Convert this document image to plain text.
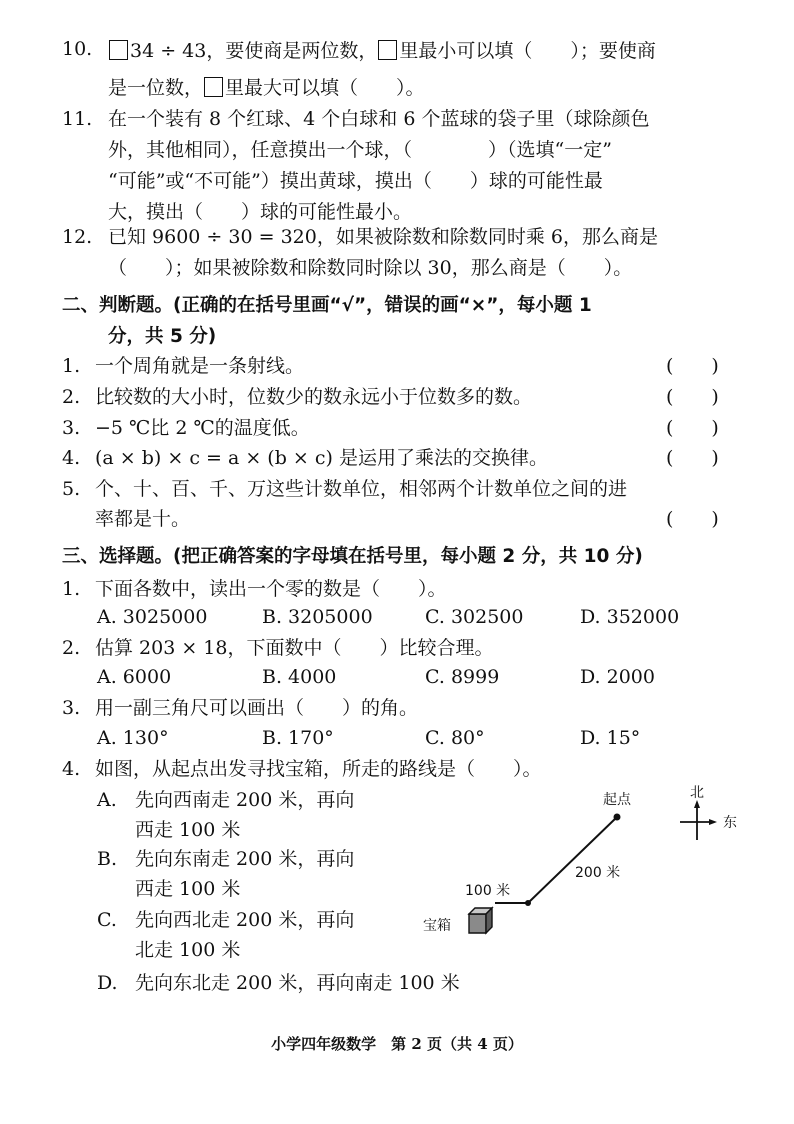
10.	34 ÷ 43，要使商是两位数， 里最小可以填（　　）；要使商
是一位数， 里最大可以填（　　）。
11. 在一个装有 8 个红球、4 个白球和 6 个蓝球的袋子里（球除颜色
外，其他相同），任意摸出一个球，（　　　　）（选填“一定”
“可能”或“不可能”）摸出黄球，摸出（　　）球的可能性最
大，摸出（　　）球的可能性最小。
12. 已知 9600 ÷ 30 = 320，如果被除数和除数同时乘 6，那么商是
（　　）；如果被除数和除数同时除以 30，那么商是（　　）。
二、判断题。(正确的在括号里画“√”，错误的画“×”，每小题 1
分，共 5 分)
1. 一个周角就是一条射线。	(　　)
2. 比较数的大小时，位数少的数永远小于位数多的数。	(　　)
3. −5 ℃比 2 ℃的温度低。	(　　)
4. (a × b) × c = a × (b × c) 是运用了乘法的交换律。	(　　)
5. 个、十、百、千、万这些计数单位，相邻两个计数单位之间的进
率都是十。	(　　)
三、选择题。(把正确答案的字母填在括号里，每小题 2 分，共 10 分)
1. 下面各数中，读出一个零的数是（　　）。
A. 3025000	B. 3205000	C. 302500	D. 352000
2. 估算 203 × 18，下面数中（　　）比较合理。
A. 6000	B. 4000	C. 8999	D. 2000
3. 用一副三角尺可以画出（　　）的角。
A. 130°	B. 170°	C. 80°	D. 15°
4. 如图，从起点出发寻找宝箱，所走的路线是（　　）。
A. 先向西南走 200 米，再向
西走 100 米
B. 先向东南走 200 米，再向
西走 100 米
C. 先向西北走 200 米，再向
北走 100 米
D. 先向东北走 200 米，再向南走 100 米
起点
200 米
100 米
宝箱
北
东
小学四年级数学　第 2 页（共 4 页）
